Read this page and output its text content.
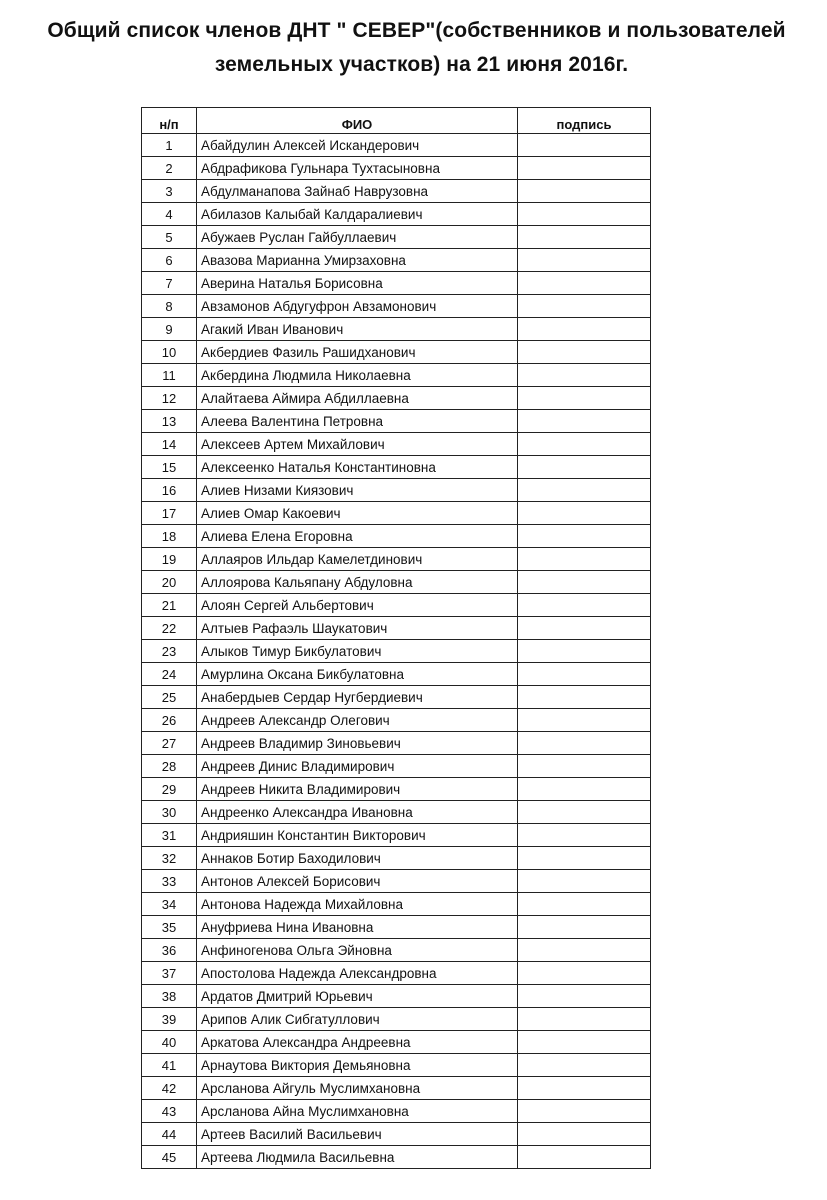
Общий список членов ДНТ " СЕВЕР"(собственников и пользователей
земельных участков) на 21 июня 2016г.
н/п	ФИО	подпись
1	Абайдулин Алексей Искандерович	
2	Абдрафикова Гульнара Тухтасыновна	
3	Абдулманапова Зайнаб Наврузовна	
4	Абилазов Калыбай Калдаралиевич	
5	Абужаев Руслан Гайбуллаевич	
6	Авазова Марианна Умирзаховна	
7	Аверина Наталья Борисовна	
8	Авзамонов Абдугуфрон Авзамонович	
9	Агакий Иван Иванович	
10	Акбердиев Фазиль Рашидханович	
11	Акбердина Людмила Николаевна	
12	Алайтаева Аймира Абдиллаевна	
13	Алеева Валентина Петровна	
14	Алексеев Артем Михайлович	
15	Алексеенко Наталья Константиновна	
16	Алиев Низами Киязович	
17	Алиев Омар Какоевич	
18	Алиева Елена Егоровна	
19	Аллаяров Ильдар Камелетдинович	
20	Аллоярова Кальяпану Абдуловна	
21	Алоян Сергей Альбертович	
22	Алтыев Рафаэль Шаукатович	
23	Алыков Тимур Бикбулатович	
24	Амурлина Оксана Бикбулатовна	
25	Анабердыев Сердар Нугбердиевич	
26	Андреев Александр Олегович	
27	Андреев Владимир Зиновьевич	
28	Андреев Динис Владимирович	
29	Андреев Никита Владимирович	
30	Андреенко Александра Ивановна	
31	Андрияшин Константин Викторович	
32	Аннаков Ботир Баходилович	
33	Антонов Алексей Борисович	
34	Антонова Надежда Михайловна	
35	Ануфриева Нина Ивановна	
36	Анфиногенова Ольга Эйновна	
37	Апостолова Надежда Александровна	
38	Ардатов Дмитрий Юрьевич	
39	Арипов Алик Сибгатуллович	
40	Аркатова Александра Андреевна	
41	Арнаутова Виктория Демьяновна	
42	Арсланова Айгуль Муслимхановна	
43	Арсланова Айна Муслимхановна	
44	Артеев Василий Васильевич	
45	Артеева Людмила Васильевна	
